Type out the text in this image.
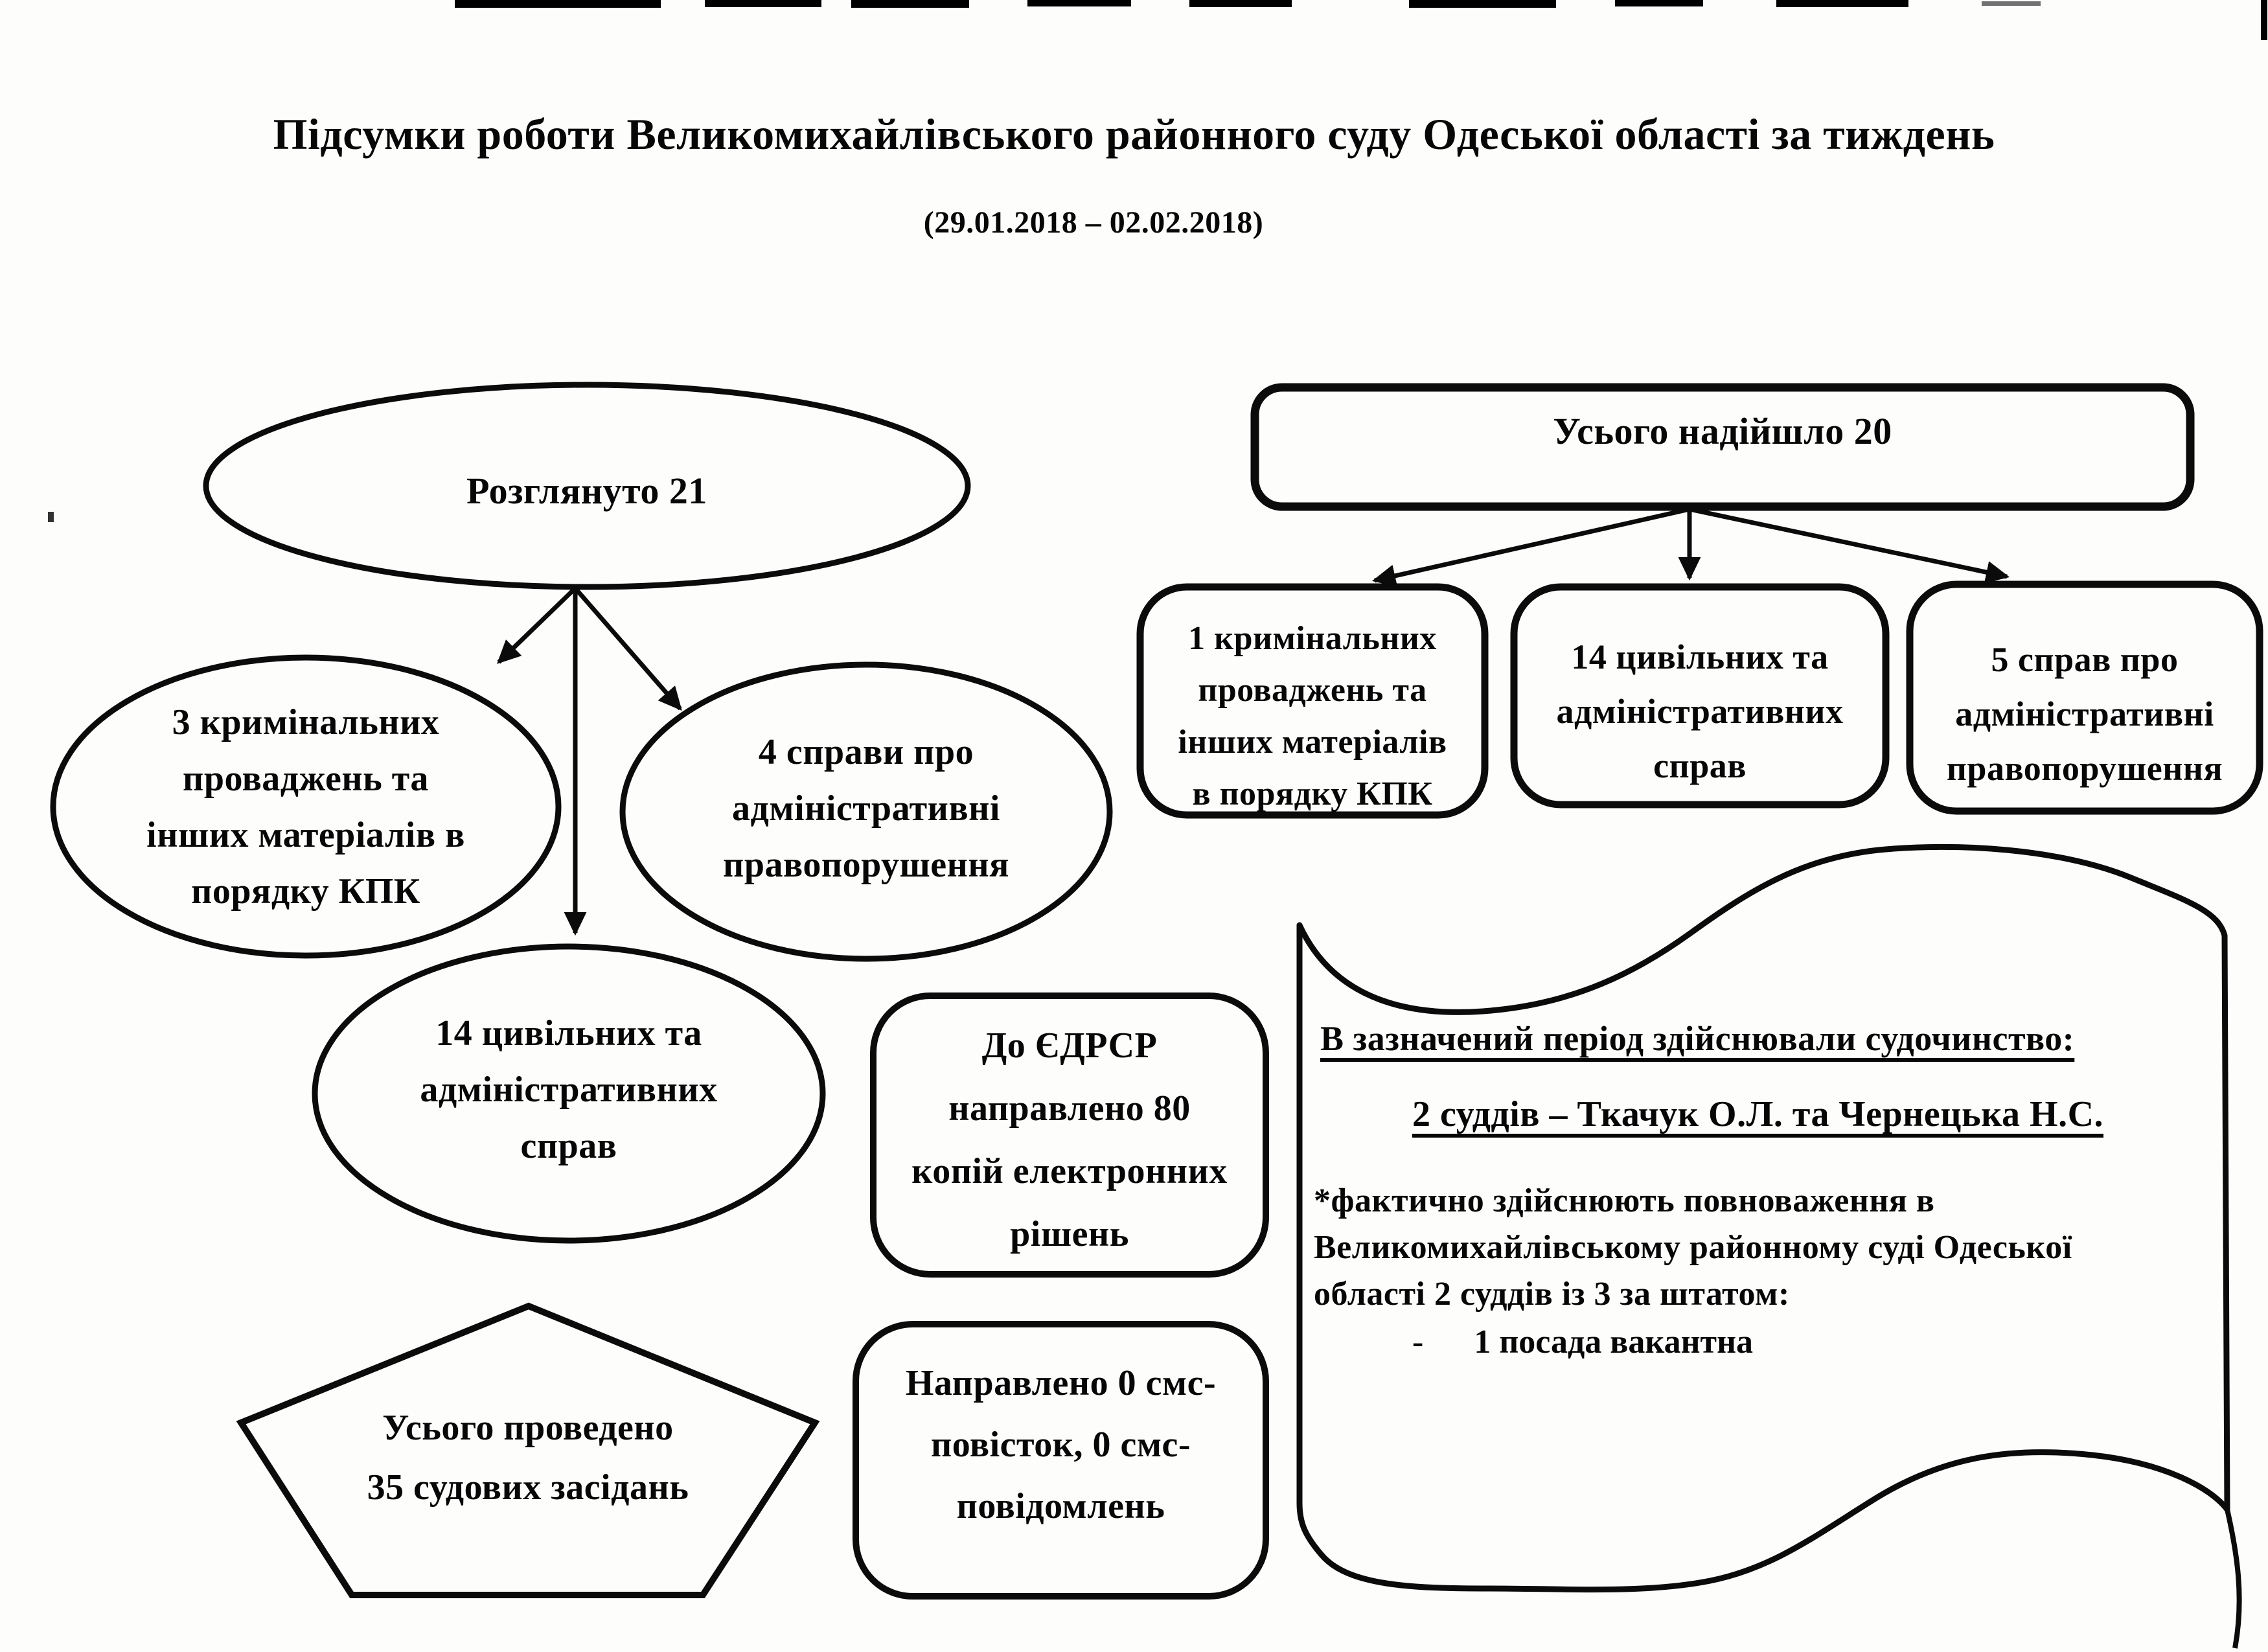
Підсумки роботи Великомихайлівського районного суду Одеської області за тиждень
(29.01.2018 – 02.02.2018)
Розглянуто 21
3 кримінальних
проваджень та
інших матеріалів в
порядку КПК
4 справи про
адміністративні
правопорушення
14 цивільних та
адміністративних
справ
Усього проведено
35 судових засідань
До ЄДРСР
направлено 80
копій електронних
рішень
Направлено 0 смс-
повісток, 0 смс-
повідомлень
Усього надійшло 20
1 кримінальних
проваджень та
інших матеріалів
в порядку КПК
14 цивільних та
адміністративних
справ
5 справ про
адміністративні
правопорушення
В зазначений період здійснювали судочинство:
2 суддів – Ткачук О.Л. та Чернецька Н.С.
*фактично здійснюють повноваження в
Великомихайлівському районному суді Одеської
області 2 суддів із 3 за штатом:
- 1 посада вакантна
